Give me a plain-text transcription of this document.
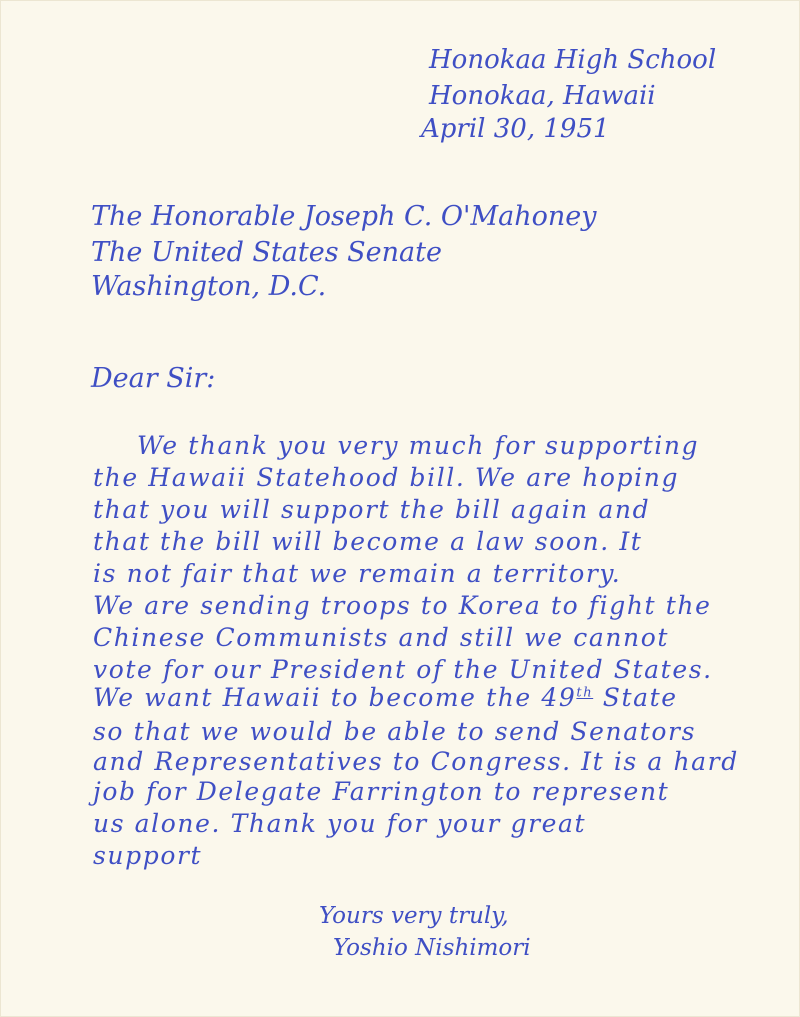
Honokaa High School
Honokaa, Hawaii
April 30, 1951
The Honorable Joseph C. O'Mahoney
The United States Senate
Washington, D.C.
Dear Sir:
We thank you very much for supporting
the Hawaii Statehood bill. We are hoping
that you will support the bill again and
that the bill will become a law soon. It
is not fair that we remain a territory.
We are sending troops to Korea to fight the
Chinese Communists and still we cannot
vote for our President of the United States.
We want Hawaii to become the 49th State
so that we would be able to send Senators
and Representatives to Congress. It is a hard
job for Delegate Farrington to represent
us alone. Thank you for your great
support
Yours very truly,
Yoshio Nishimori
